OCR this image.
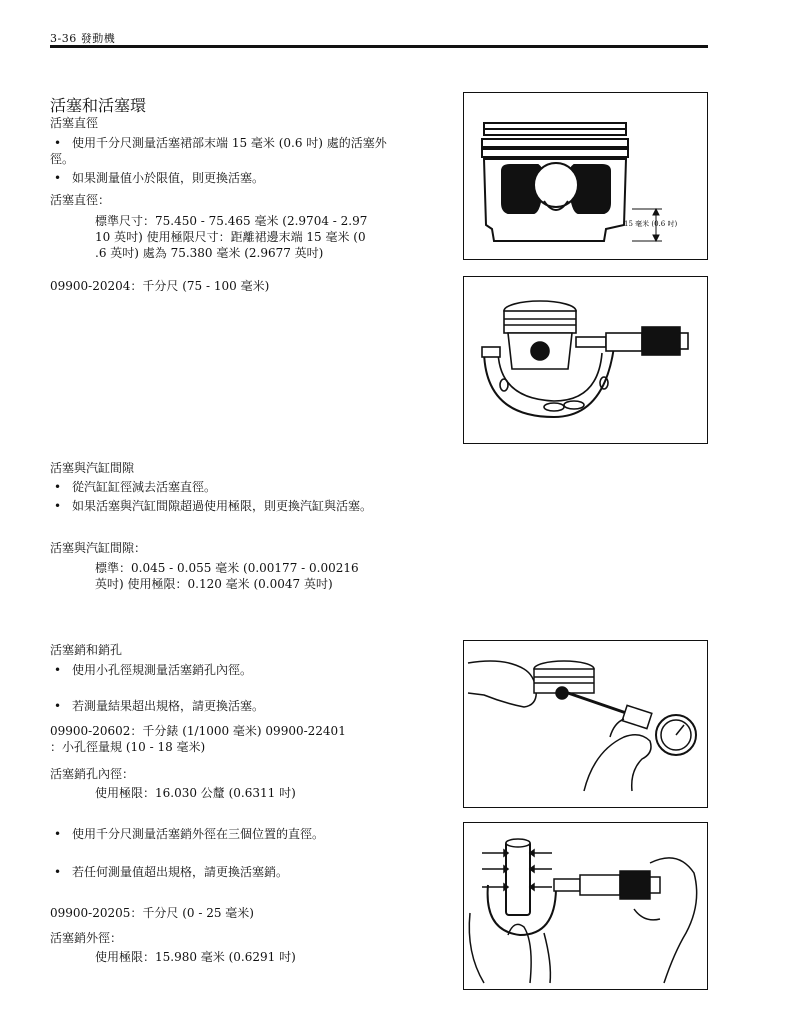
3-36 發動機
活塞和活塞環
活塞直徑
• 使用千分尺測量活塞裙部末端 15 毫米 (0.6 吋) 處的活塞外
徑。
• 如果測量值小於限值，則更換活塞。
活塞直徑：
標準尺寸：75.450 - 75.465 毫米 (2.9704 - 2.97
10 英吋) 使用極限尺寸：距離裙邊末端 15 毫米 (0
.6 英吋) 處為 75.380 毫米 (2.9677 英吋)
09900-20204：千分尺 (75 - 100 毫米)
15 毫米 (0.6 吋)
活塞與汽缸間隙
• 從汽缸缸徑減去活塞直徑。
• 如果活塞與汽缸間隙超過使用極限，則更換汽缸與活塞。
活塞與汽缸間隙：
標準：0.045 - 0.055 毫米 (0.00177 - 0.00216
英吋) 使用極限：0.120 毫米 (0.0047 英吋)
活塞銷和銷孔
• 使用小孔徑規測量活塞銷孔內徑。
• 若測量結果超出規格，請更換活塞。
09900-20602：千分錶 (1/1000 毫米) 09900-22401
：小孔徑量規 (10 - 18 毫米)
活塞銷孔內徑：
使用極限：16.030 公釐 (0.6311 吋)
• 使用千分尺測量活塞銷外徑在三個位置的直徑。
• 若任何測量值超出規格，請更換活塞銷。
09900-20205：千分尺 (0 - 25 毫米)
活塞銷外徑：
使用極限：15.980 毫米 (0.6291 吋)
